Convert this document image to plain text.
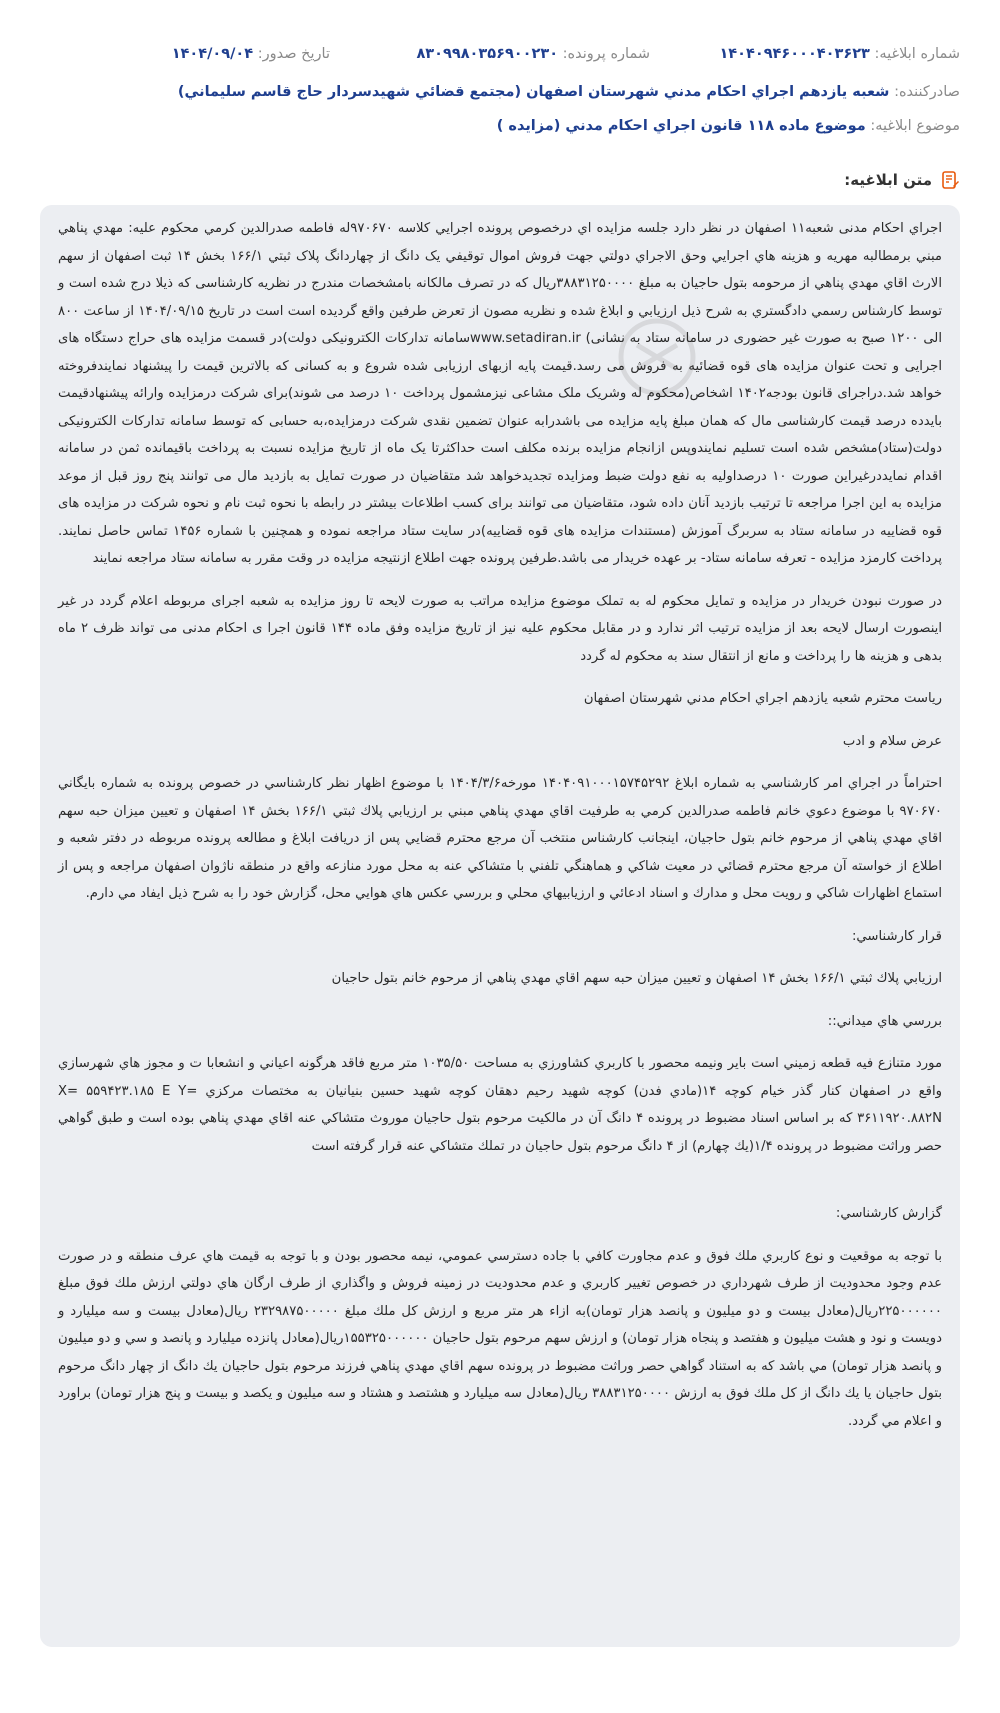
شماره ابلاغيه: ۱۴۰۴۰۹۴۶۰۰۰۴۰۳۶۲۳
شماره پرونده: ۸۳۰۹۹۸۰۳۵۶۹۰۰۲۳۰
تاريخ صدور: ۱۴۰۴/۰۹/۰۴
صادرکننده: شعبه يازدهم اجراي احکام مدني شهرستان اصفهان (مجتمع قضائي شهيدسردار حاج قاسم سليماني)
موضوع ابلاغيه: موضوع ماده ۱۱۸ قانون اجراي احكام مدني (مزايده )
متن ابلاغيه:

اجراي احکام مدنی شعبه۱۱ اصفهان در نظر دارد جلسه مزايده اي درخصوص پرونده اجرايي کلاسه ۹۷۰۶۷۰له فاطمه صدرالدين کرمي محکوم علیه: مهدي پناهي مبني برمطالبه مهريه و هزينه هاي اجرايي وحق الاجراي دولتي جهت فروش اموال توقيفي يک دانگ از چهاردانگ پلاک ثبتي ۱۶۶/۱ بخش ۱۴ ثبت اصفهان از سهم الارث اقاي مهدي پناهي از مرحومه بتول حاجيان به مبلغ ۳۸۸۳۱۲۵۰۰۰۰ريال که در تصرف مالکانه بامشخصات مندرج در نظريه کارشناسی که ذيلا درج شده است و توسط کارشناس رسمي دادگستري به شرح ذيل ارزيابي و ابلاغ شده و نظريه مصون از تعرض طرفين واقع گرديده است است در تاريخ ۱۴۰۴/۰۹/۱۵ از ساعت ۸۰۰ الی ۱۲۰۰ صبح به صورت غير حضوری در سامانه ستاد به نشانی) www.setadiran.irسامانه تدارکات الکترونيکی دولت)در قسمت مزايده های حراج دستگاه های اجرايی و تحت عنوان مزايده های قوه قضائيه به فروش می رسد.قيمت پايه ازبهای ارزيابی شده شروع و به کسانی که بالاترين قيمت را پيشنهاد نمايندفروخته خواهد شد.دراجرای قانون بودجه۱۴۰۲ اشخاص(محکوم له وشريک ملک مشاعی نيزمشمول پرداخت ۱۰ درصد می شوند)برای شرکت درمزايده وارائه پيشنهادقيمت بايدده درصد قيمت کارشناسی مال که همان مبلغ پايه مزايده می باشدرابه عنوان تضمين نقدی شرکت درمزايده،به حسابی که توسط سامانه تدارکات الکترونيکی دولت(ستاد)مشخص شده است تسليم نمايندوپس ازانجام مزايده برنده مکلف است حداکثرتا يک ماه از تاريخ مزايده نسبت به پرداخت باقيمانده ثمن در سامانه اقدام نمايددرغيراين صورت ۱۰ درصداوليه به نفع دولت ضبط ومزايده تجديدخواهد شد متقاضيان در صورت تمايل به بازديد مال می توانند پنج روز قبل از موعد مزايده به اين اجرا مراجعه تا ترتيب بازديد آنان داده شود، متقاضيان می توانند برای کسب اطلاعات بيشتر در رابطه با نحوه ثبت نام و نحوه شرکت در مزايده های قوه قضاييه در سامانه ستاد به سربرگ آموزش (مستندات مزايده های قوه قضاييه)در سايت ستاد مراجعه نموده و همچنين با شماره ۱۴۵۶ تماس حاصل نمايند. پرداخت کارمزد مزايده - تعرفه سامانه ستاد- بر عهده خريدار می باشد.طرفين پرونده جهت اطلاع ازنتيجه مزايده در وقت مقرر به سامانه ستاد مراجعه نمايند

در صورت نبودن خريدار در مزايده و تمايل محکوم له به تملک موضوع مزايده مراتب به صورت لايحه تا روز مزايده به شعبه اجرای مربوطه اعلام گردد در غير اينصورت ارسال لايحه بعد از مزايده ترتيب اثر ندارد و در مقابل محکوم عليه نيز از تاريخ مزايده وفق ماده ۱۴۴ قانون اجرا ی احکام مدنی می تواند ظرف ۲ ماه بدهی و هزينه ها را پرداخت و مانع از انتقال سند به محکوم له گردد

رياست محترم شعبه يازدهم اجراي احكام مدني شهرستان اصفهان

عرض سلام و ادب

احتراماً در اجراي امر كارشناسي به شماره ابلاغ ۱۴۰۴۰۹۱۰۰۰۱۵۷۴۵۲۹۲ مورخه۱۴۰۴/۳/۶ با موضوع اظهار نظر كارشناسي در خصوص پرونده به شماره بايگاني ۹۷۰۶۷۰ با موضوع دعوي خانم فاطمه صدرالدين كرمي به طرفيت اقاي مهدي پناهي مبني بر ارزيابي پلاك ثبتي ۱۶۶/۱ بخش ۱۴ اصفهان و تعيين ميزان حبه سهم اقاي مهدي پناهي از مرحوم خانم بتول حاجيان، اينجانب كارشناس منتخب آن مرجع محترم قضايي پس از دريافت ابلاغ و مطالعه پرونده مربوطه در دفتر شعبه و اطلاع از خواسته آن مرجع محترم قضائي در معيت شاكي و هماهنگي تلفني با متشاكي عنه به محل مورد منازعه واقع در منطقه ناژوان اصفهان مراجعه و پس از استماع اظهارات شاكي و رويت محل و مدارك و اسناد ادعائي و ارزيابيهاي محلي و بررسي عكس هاي هوايي محل، گزارش خود را به شرح ذيل ايفاد مي دارم.

قرار كارشناسي:

ارزيابي پلاك ثبتي ۱۶۶/۱ بخش ۱۴ اصفهان و تعيين ميزان حبه سهم اقاي مهدي پناهي از مرحوم خانم بتول حاجيان

بررسي هاي ميداني::

مورد متنازع فيه قطعه زميني است باير ونيمه محصور با كاربري كشاورزي به مساحت ۱۰۳۵/۵۰ متر مربع فاقد هرگونه اعياني و انشعابا ت و مجوز هاي شهرسازي واقع در اصفهان كنار گذر خيام كوچه ۱۴(مادي فدن) كوچه شهيد رحيم دهقان كوچه شهيد حسين بنيانيان به مختصات مركزي X= ۵۵۹۴۲۳.۱۸۵ E Y= ۳۶۱۱۹۲۰.۸۸۲N كه بر اساس اسناد مضبوط در پرونده ۴ دانگ آن در مالكيت مرحوم بتول حاجيان موروث متشاكي عنه اقاي مهدي پناهي بوده است و طبق گواهي حصر وراثت مضبوط در پرونده ۱/۴(يك چهارم) از ۴ دانگ مرحوم بتول حاجيان در تملك متشاكي عنه قرار گرفته است

گزارش كارشناسي:

با توجه به موقعيت و نوع كاربري ملك فوق و عدم مجاورت كافي با جاده دسترسي عمومي، نيمه محصور بودن و با توجه به قيمت هاي عرف منطقه و در صورت عدم وجود محدوديت از طرف شهرداري در خصوص تغيير كاربري و عدم محدوديت در زمينه فروش و واگذاري از طرف ارگان هاي دولتي ارزش ملك فوق مبلغ ۲۲۵۰۰۰۰۰۰ريال(معادل بيست و دو ميليون و پانصد هزار تومان)به ازاء هر متر مربع و ارزش كل ملك مبلغ ۲۳۲۹۸۷۵۰۰۰۰۰ ريال(معادل بيست و سه ميليارد و دويست و نود و هشت ميليون و هفتصد و پنجاه هزار تومان) و ارزش سهم مرحوم بتول حاجيان ۱۵۵۳۲۵۰۰۰۰۰۰ريال(معادل پانزده ميليارد و پانصد و سي و دو ميليون و پانصد هزار تومان) مي باشد كه به استناد گواهي حصر وراثت مضبوط در پرونده سهم اقاي مهدي پناهي فرزند مرحوم بتول حاجيان يك دانگ از چهار دانگ مرحوم بتول حاجيان يا يك دانگ از كل ملك فوق به ارزش ۳۸۸۳۱۲۵۰۰۰۰ ريال(معادل سه ميليارد و هشتصد و هشتاد و سه ميليون و يكصد و بيست و پنج هزار تومان) براورد و اعلام مي گردد.
